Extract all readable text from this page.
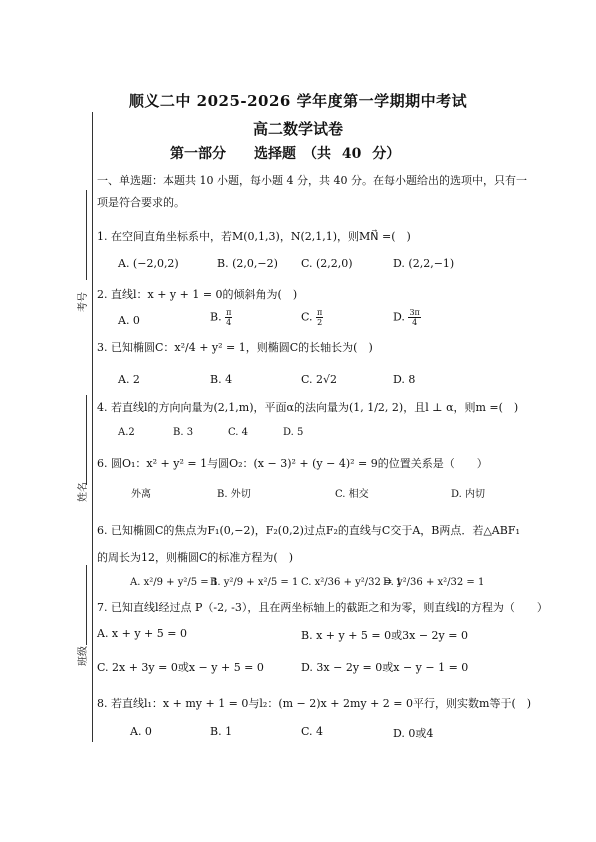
考号
姓名
班级
顺义二中 2025-2026 学年度第一学期期中考试
高二数学试卷
第一部分　　选择题　（共 40 分）
一、单选题：本题共 10 小题，每小题 4 分，共 40 分。在每小题给出的选项中，只有一项是符合要求的。
1. 在空间直角坐标系中，若M(0,1,3)，N(2,1,1)，则MN⃗ =(　)
A. (−2,0,2)	B. (2,0,−2) C. (2,2,0)	D. (2,2,−1)
2. 直线l：x + y + 1 = 0的倾斜角为(　)
A. 0	B. $\frac{\pi}{4}$	C. $\frac{\pi}{2}$	D. $\frac{3\pi}{4}$
3. 已知椭圆C：x²/4 + y² = 1，则椭圆C的长轴长为(　)
A. 2	B. 4	C. 2√2	D. 8
4. 若直线l的方向向量为(2,1,m)，平面α的法向量为(1, 1/2, 2)，且l ⊥ α，则m =(　)
A.2	B. 3	C. 4	D. 5
6. 圆O₁：x² + y² = 1与圆O₂：(x − 3)² + (y − 4)² = 9的位置关系是（　　）
外离	B. 外切	C. 相交	D. 内切
6. 已知椭圆C的焦点为F₁(0,−2)，F₂(0,2)过点F₂的直线与C交于A，B两点．若△ABF₁的周长为12，则椭圆C的标准方程为(　)
A. x²/9 + y²/5 = 1
B. y²/9 + x²/5 = 1 C. x²/36 + y²/32 = 1
D. y²/36 + x²/32 = 1
7. 已知直线l经过点 P（-2, -3），且在两坐标轴上的截距之和为零，则直线l的方程为（　　）
A. x + y + 5 = 0	B. x + y + 5 = 0或3x − 2y = 0
C. 2x + 3y = 0或x − y + 5 = 0	D. 3x − 2y = 0或x − y − 1 = 0
8. 若直线l₁：x + my + 1 = 0与l₂：(m − 2)x + 2my + 2 = 0平行，则实数m等于(　)
A. 0	B. 1	C. 4	D. 0或4
